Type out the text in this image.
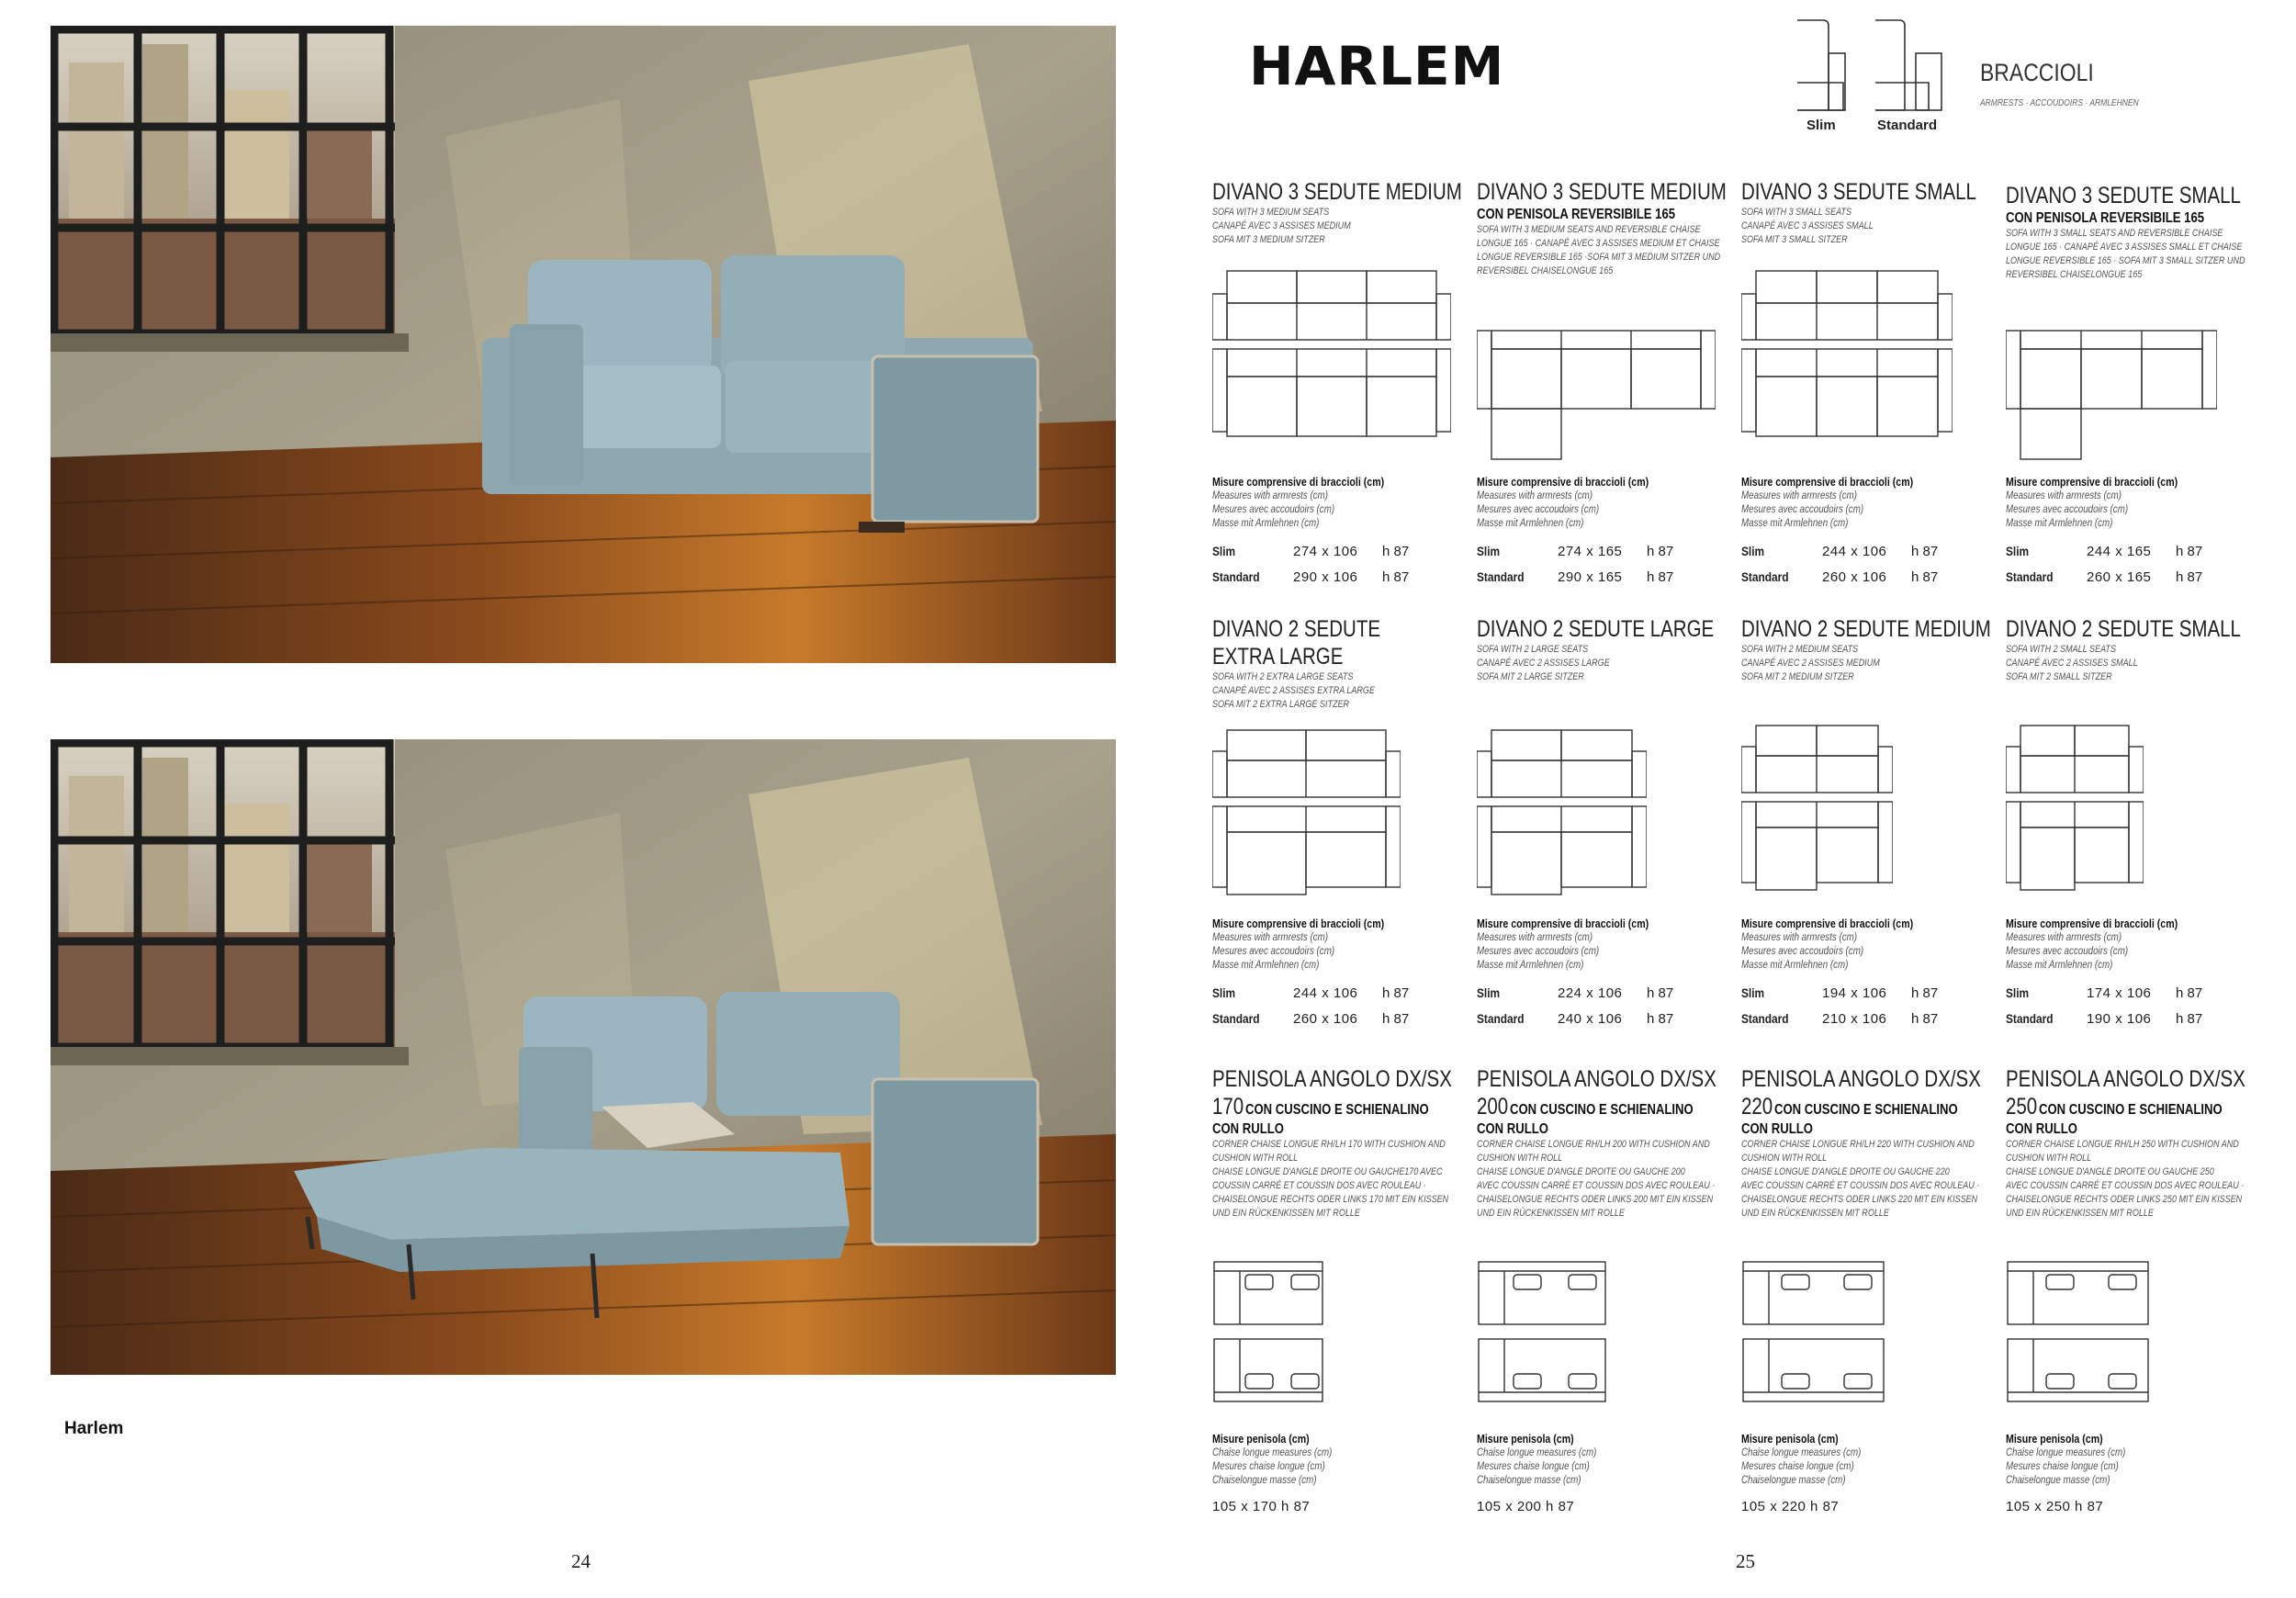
Harlem
24
HARLEM
Slim	Standard
BRACCIOLI
ARMRESTS · ACCOUDOIRS · ARMLEHNEN
DIVANO 3 SEDUTE MEDIUM
SOFA WITH 3 MEDIUM SEATS
CANAPÉ AVEC 3 ASSISES MEDIUM
SOFA MIT 3 MEDIUM SITZER
DIVANO 3 SEDUTE MEDIUM
CON PENISOLA REVERSIBILE 165
SOFA WITH 3 MEDIUM SEATS AND REVERSIBLE CHAISE
LONGUE 165 · CANAPÉ AVEC 3 ASSISES MEDIUM ET CHAISE
LONGUE REVERSIBLE 165 ·SOFA MIT 3 MEDIUM SITZER UND
REVERSIBEL CHAISELONGUE 165
DIVANO 3 SEDUTE SMALL
SOFA WITH 3 SMALL SEATS
CANAPÉ AVEC 3 ASSISES SMALL
SOFA MIT 3 SMALL SITZER
DIVANO 3 SEDUTE SMALL
CON PENISOLA REVERSIBILE 165
SOFA WITH 3 SMALL SEATS AND REVERSIBLE CHAISE
LONGUE 165 · CANAPÉ AVEC 3 ASSISES SMALL ET CHAISE
LONGUE REVERSIBLE 165 · SOFA MIT 3 SMALL SITZER UND
REVERSIBEL CHAISELONGUE 165
Misure comprensive di braccioli (cm)
Measures with armrests (cm)
Mesures avec accoudoirs (cm)
Masse mit Armlehnen (cm)
Slim	274 x 106 h 87
Standard 290 x 106 h 87
Misure comprensive di braccioli (cm)
Measures with armrests (cm)
Mesures avec accoudoirs (cm)
Masse mit Armlehnen (cm)
Slim	274 x 165 h 87
Standard 290 x 165 h 87
Misure comprensive di braccioli (cm)
Measures with armrests (cm)
Mesures avec accoudoirs (cm)
Masse mit Armlehnen (cm)
Slim	244 x 106 h 87
Standard 260 x 106 h 87
Misure comprensive di braccioli (cm)
Measures with armrests (cm)
Mesures avec accoudoirs (cm)
Masse mit Armlehnen (cm)
Slim	244 x 165 h 87
Standard 260 x 165 h 87
DIVANO 2 SEDUTE
EXTRA LARGE
SOFA WITH 2 EXTRA LARGE SEATS
CANAPÉ AVEC 2 ASSISES EXTRA LARGE
SOFA MIT 2 EXTRA LARGE SITZER
DIVANO 2 SEDUTE LARGE
SOFA WITH 2 LARGE SEATS
CANAPÉ AVEC 2 ASSISES LARGE
SOFA MIT 2 LARGE SITZER
DIVANO 2 SEDUTE MEDIUM
SOFA WITH 2 MEDIUM SEATS
CANAPÉ AVEC 2 ASSISES MEDIUM
SOFA MIT 2 MEDIUM SITZER
DIVANO 2 SEDUTE SMALL
SOFA WITH 2 SMALL SEATS
CANAPÉ AVEC 2 ASSISES SMALL
SOFA MIT 2 SMALL SITZER
Misure comprensive di braccioli (cm)
Measures with armrests (cm)
Mesures avec accoudoirs (cm)
Masse mit Armlehnen (cm)
Slim	244 x 106 h 87
Standard 260 x 106 h 87
Misure comprensive di braccioli (cm)
Measures with armrests (cm)
Mesures avec accoudoirs (cm)
Masse mit Armlehnen (cm)
Slim	224 x 106 h 87
Standard 240 x 106 h 87
Misure comprensive di braccioli (cm)
Measures with armrests (cm)
Mesures avec accoudoirs (cm)
Masse mit Armlehnen (cm)
Slim	194 x 106 h 87
Standard 210 x 106 h 87
Misure comprensive di braccioli (cm)
Measures with armrests (cm)
Mesures avec accoudoirs (cm)
Masse mit Armlehnen (cm)
Slim	174 x 106 h 87
Standard 190 x 106 h 87
PENISOLA ANGOLO DX/SX
170CON CUSCINO E SCHIENALINO
CON RULLO
CORNER CHAISE LONGUE RH/LH 170 WITH CUSHION AND
CUSHION WITH ROLL
CHAISE LONGUE D'ANGLE DROITE OU GAUCHE170 AVEC
COUSSIN CARRÉ ET COUSSIN DOS AVEC ROULEAU ·
CHAISELONGUE RECHTS ODER LINKS 170 MIT EIN KISSEN
UND EIN RÜCKENKISSEN MIT ROLLE
PENISOLA ANGOLO DX/SX
200CON CUSCINO E SCHIENALINO
CON RULLO
CORNER CHAISE LONGUE RH/LH 200 WITH CUSHION AND
CUSHION WITH ROLL
CHAISE LONGUE D'ANGLE DROITE OU GAUCHE 200
AVEC COUSSIN CARRÉ ET COUSSIN DOS AVEC ROULEAU ·
CHAISELONGUE RECHTS ODER LINKS 200 MIT EIN KISSEN
UND EIN RÜCKENKISSEN MIT ROLLE
PENISOLA ANGOLO DX/SX
220CON CUSCINO E SCHIENALINO
CON RULLO
CORNER CHAISE LONGUE RH/LH 220 WITH CUSHION AND
CUSHION WITH ROLL
CHAISE LONGUE D'ANGLE DROITE OU GAUCHE 220
AVEC COUSSIN CARRÉ ET COUSSIN DOS AVEC ROULEAU ·
CHAISELONGUE RECHTS ODER LINKS 220 MIT EIN KISSEN
UND EIN RÜCKENKISSEN MIT ROLLE
PENISOLA ANGOLO DX/SX
250CON CUSCINO E SCHIENALINO
CON RULLO
CORNER CHAISE LONGUE RH/LH 250 WITH CUSHION AND
CUSHION WITH ROLL
CHAISE LONGUE D'ANGLE DROITE OU GAUCHE 250
AVEC COUSSIN CARRÉ ET COUSSIN DOS AVEC ROULEAU ·
CHAISELONGUE RECHTS ODER LINKS 250 MIT EIN KISSEN
UND EIN RÜCKENKISSEN MIT ROLLE
Misure penisola (cm)
Chaise longue measures (cm)
Mesures chaise longue (cm)
Chaiselongue masse (cm)
105 x 170 h 87
Misure penisola (cm)
Chaise longue measures (cm)
Mesures chaise longue (cm)
Chaiselongue masse (cm)
105 x 200 h 87
Misure penisola (cm)
Chaise longue measures (cm)
Mesures chaise longue (cm)
Chaiselongue masse (cm)
105 x 220 h 87
Misure penisola (cm)
Chaise longue measures (cm)
Mesures chaise longue (cm)
Chaiselongue masse (cm)
105 x 250 h 87
25
